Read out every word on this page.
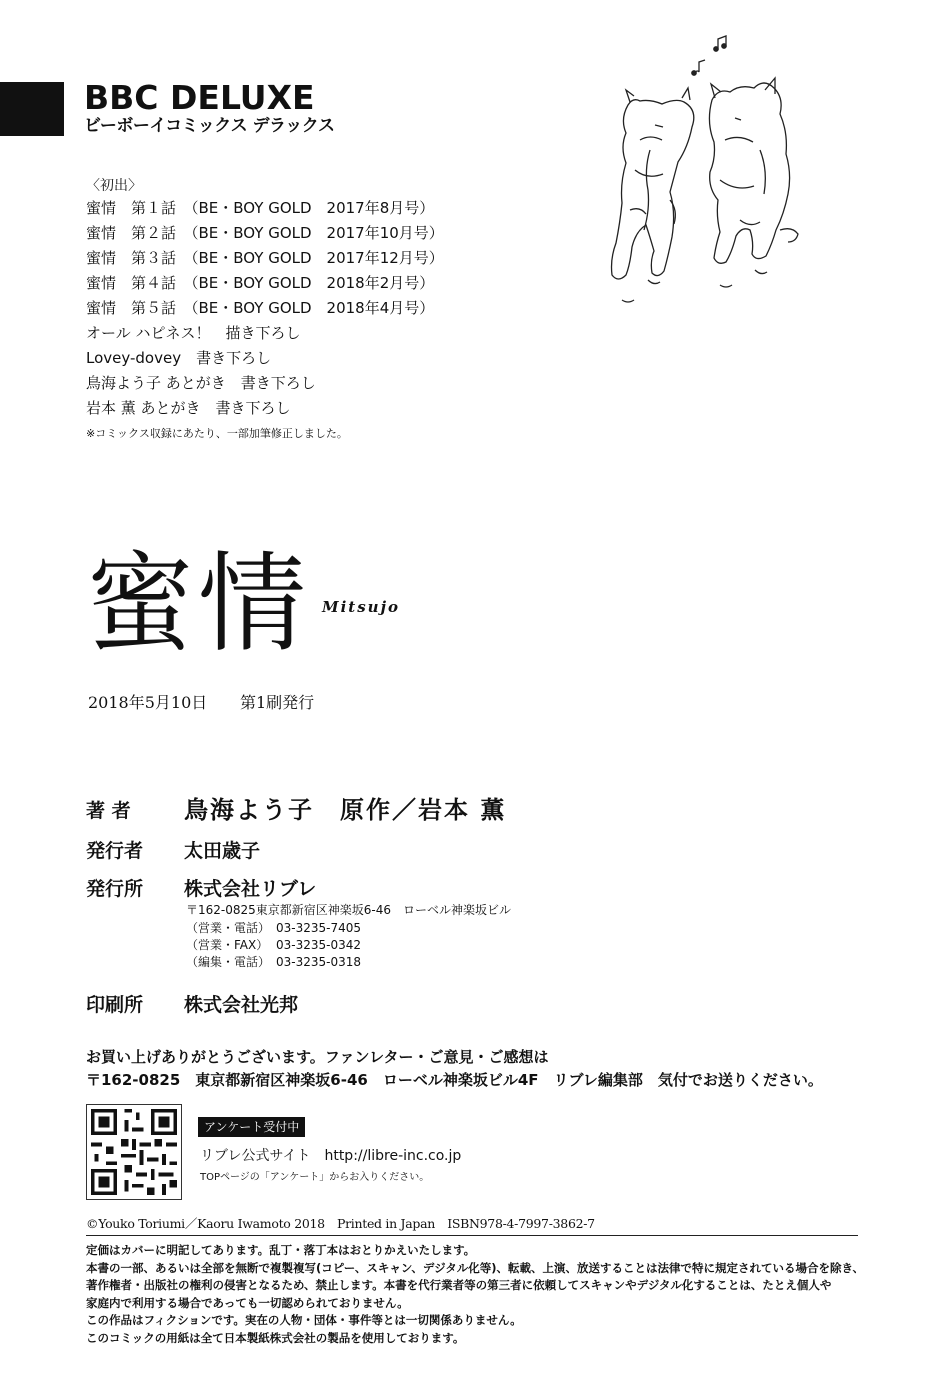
BBC DELUXE
ビーボーイコミックス デラックス
〈初出〉
蜜情　第１話　（BE・BOY GOLD　2017年8月号）
蜜情　第２話　（BE・BOY GOLD　2017年10月号）
蜜情　第３話　（BE・BOY GOLD　2017年12月号）
蜜情　第４話　（BE・BOY GOLD　2018年2月号）
蜜情　第５話　（BE・BOY GOLD　2018年4月号）
オール ハピネス！　描き下ろし
Lovey-dovey　書き下ろし
鳥海よう子 あとがき　書き下ろし
岩本 薫 あとがき　書き下ろし
※コミックス収録にあたり、一部加筆修正しました。
蜜情 Mitsujo
2018年5月10日 第1刷発行
著 者 鳥海よう子　原作／岩本 薫
発行者 太田歳子
発行所 株式会社リブレ
〒162-0825東京都新宿区神楽坂6-46　ローベル神楽坂ビル
（営業・電話） 03-3235-7405
（営業・FAX） 03-3235-0342
（編集・電話） 03-3235-0318
印刷所 株式会社光邦
お買い上げありがとうございます。ファンレター・ご意見・ご感想は
〒162-0825　東京都新宿区神楽坂6-46　ローベル神楽坂ビル4F　リブレ編集部　気付でお送りください。
アンケート受付中
リブレ公式サイト　http://libre-inc.co.jp
TOPページの「アンケート」からお入りください。
©Youko Toriumi／Kaoru Iwamoto 2018　Printed in Japan　ISBN978-4-7997-3862-7
定価はカバーに明記してあります。乱丁・落丁本はおとりかえいたします。
本書の一部、あるいは全部を無断で複製複写(コピー、スキャン、デジタル化等)、転載、上演、放送することは法律で特に規定されている場合を除き、
著作権者・出版社の権利の侵害となるため、禁止します。本書を代行業者等の第三者に依頼してスキャンやデジタル化することは、たとえ個人や
家庭内で利用する場合であっても一切認められておりません。
この作品はフィクションです。実在の人物・団体・事件等とは一切関係ありません。
このコミックの用紙は全て日本製紙株式会社の製品を使用しております。
